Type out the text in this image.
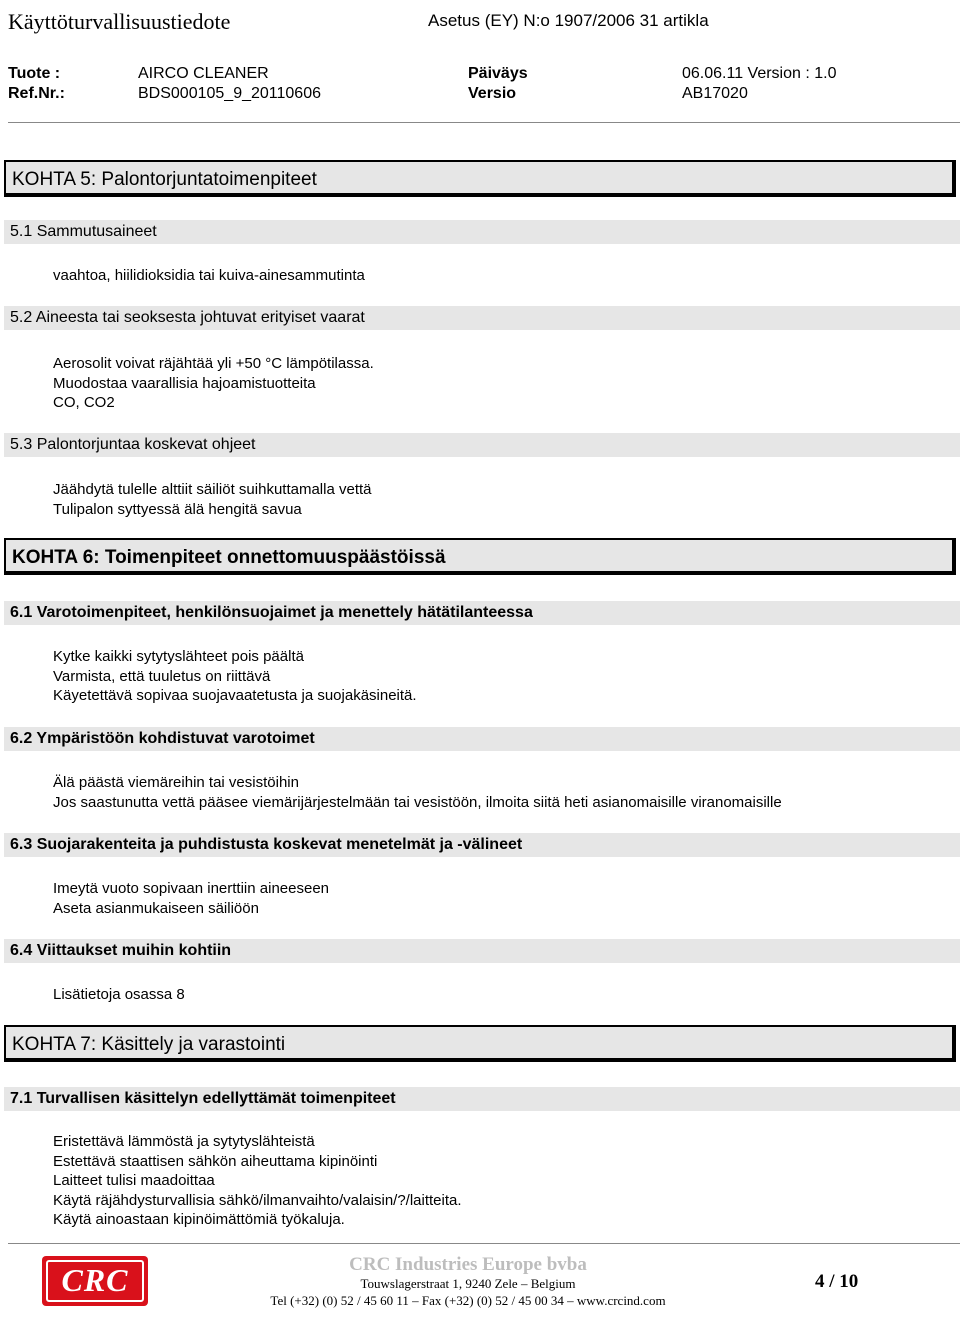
Käyttöturvallisuustiedote	Asetus (EY) N:o 1907/2006 31 artikla
Tuote :	AIRCO CLEANER	Päiväys	06.06.11 Version : 1.0
Ref.Nr.:	BDS000105_9_20110606	Versio	AB17020
KOHTA 5: Palontorjuntatoimenpiteet
5.1 Sammutusaineet
vaahtoa, hiilidioksidia tai kuiva-ainesammutinta
5.2 Aineesta tai seoksesta johtuvat erityiset vaarat
Aerosolit voivat räjähtää yli +50 °C lämpötilassa.
Muodostaa vaarallisia hajoamistuotteita
CO, CO2
5.3 Palontorjuntaa koskevat ohjeet
Jäähdytä tulelle alttiit säiliöt suihkuttamalla vettä
Tulipalon syttyessä älä hengitä savua
KOHTA 6: Toimenpiteet onnettomuuspäästöissä
6.1 Varotoimenpiteet, henkilönsuojaimet ja menettely hätätilanteessa
Kytke kaikki sytytyslähteet pois päältä
Varmista, että tuuletus on riittävä
Käyetettävä sopivaa suojavaatetusta ja suojakäsineitä.
6.2 Ympäristöön kohdistuvat varotoimet
Älä päästä viemäreihin tai vesistöihin
Jos saastunutta vettä pääsee viemärijärjestelmään tai vesistöön, ilmoita siitä heti asianomaisille viranomaisille
6.3 Suojarakenteita ja puhdistusta koskevat menetelmät ja -välineet
Imeytä vuoto sopivaan inerttiin aineeseen
Aseta asianmukaiseen säiliöön
6.4 Viittaukset muihin kohtiin
Lisätietoja osassa 8
KOHTA 7: Käsittely ja varastointi
7.1 Turvallisen käsittelyn edellyttämät toimenpiteet
Eristettävä lämmöstä ja sytytyslähteistä
Estettävä staattisen sähkön aiheuttama kipinöinti
Laitteet tulisi maadoittaa
Käytä räjähdysturvallisia sähkö/ilmanvaihto/valaisin/?/laitteita.
Käytä ainoastaan kipinöimättömiä työkaluja.
CRC	CRC Industries Europe bvba
Touwslagerstraat 1, 9240 Zele – Belgium
Tel (+32) (0) 52 / 45 60 11 – Fax (+32) (0) 52 / 45 00 34 – www.crcind.com
4 / 10
